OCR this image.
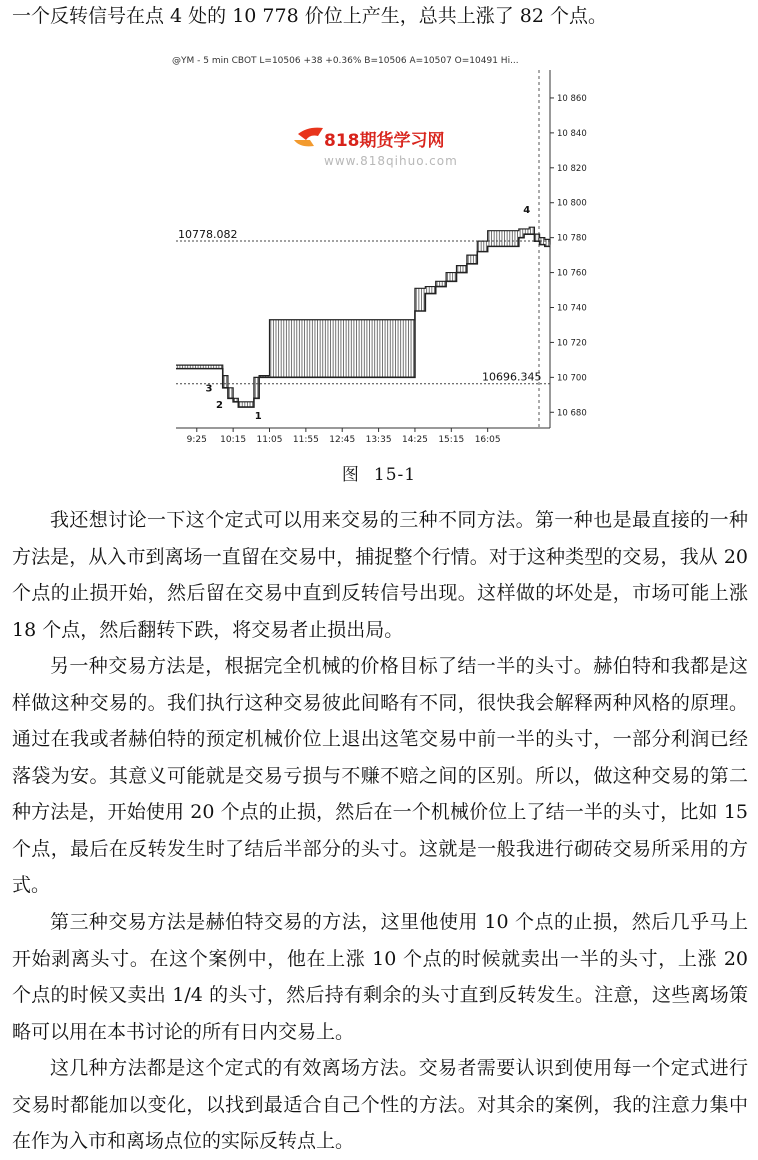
一个反转信号在点 4 处的 10 778 价位上产生，总共上涨了 82 个点。
@YM - 5 min CBOT L=10506 +38 +0.36% B=10506 A=10507 O=10491 Hi...
818期货学习网
www.818qihuo.com
10 680
10 700
10 720
10 740
10 760
10 780
10 800
10 820
10 840
10 860
9:25 10:15 11:05 11:55 12:45 13:35 14:25 15:15 16:05
10778.082
10696.345
1
2
3
4
图 15-1

我还想讨论一下这个定式可以用来交易的三种不同方法。第一种也是最直接的一种方法是，从入市到离场一直留在交易中，捕捉整个行情。对于这种类型的交易，我从 20 个点的止损开始，然后留在交易中直到反转信号出现。这样做的坏处是，市场可能上涨 18 个点，然后翻转下跌，将交易者止损出局。

另一种交易方法是，根据完全机械的价格目标了结一半的头寸。赫伯特和我都是这样做这种交易的。我们执行这种交易彼此间略有不同，很快我会解释两种风格的原理。通过在我或者赫伯特的预定机械价位上退出这笔交易中前一半的头寸，一部分利润已经落袋为安。其意义可能就是交易亏损与不赚不赔之间的区别。所以，做这种交易的第二种方法是，开始使用 20 个点的止损，然后在一个机械价位上了结一半的头寸，比如 15 个点，最后在反转发生时了结后半部分的头寸。这就是一般我进行砌砖交易所采用的方式。

第三种交易方法是赫伯特交易的方法，这里他使用 10 个点的止损，然后几乎马上开始剥离头寸。在这个案例中，他在上涨 10 个点的时候就卖出一半的头寸，上涨 20 个点的时候又卖出 1/4 的头寸，然后持有剩余的头寸直到反转发生。注意，这些离场策略可以用在本书讨论的所有日内交易上。

这几种方法都是这个定式的有效离场方法。交易者需要认识到使用每一个定式进行交易时都能加以变化，以找到最适合自己个性的方法。对其余的案例，我的注意力集中在作为入市和离场点位的实际反转点上。
